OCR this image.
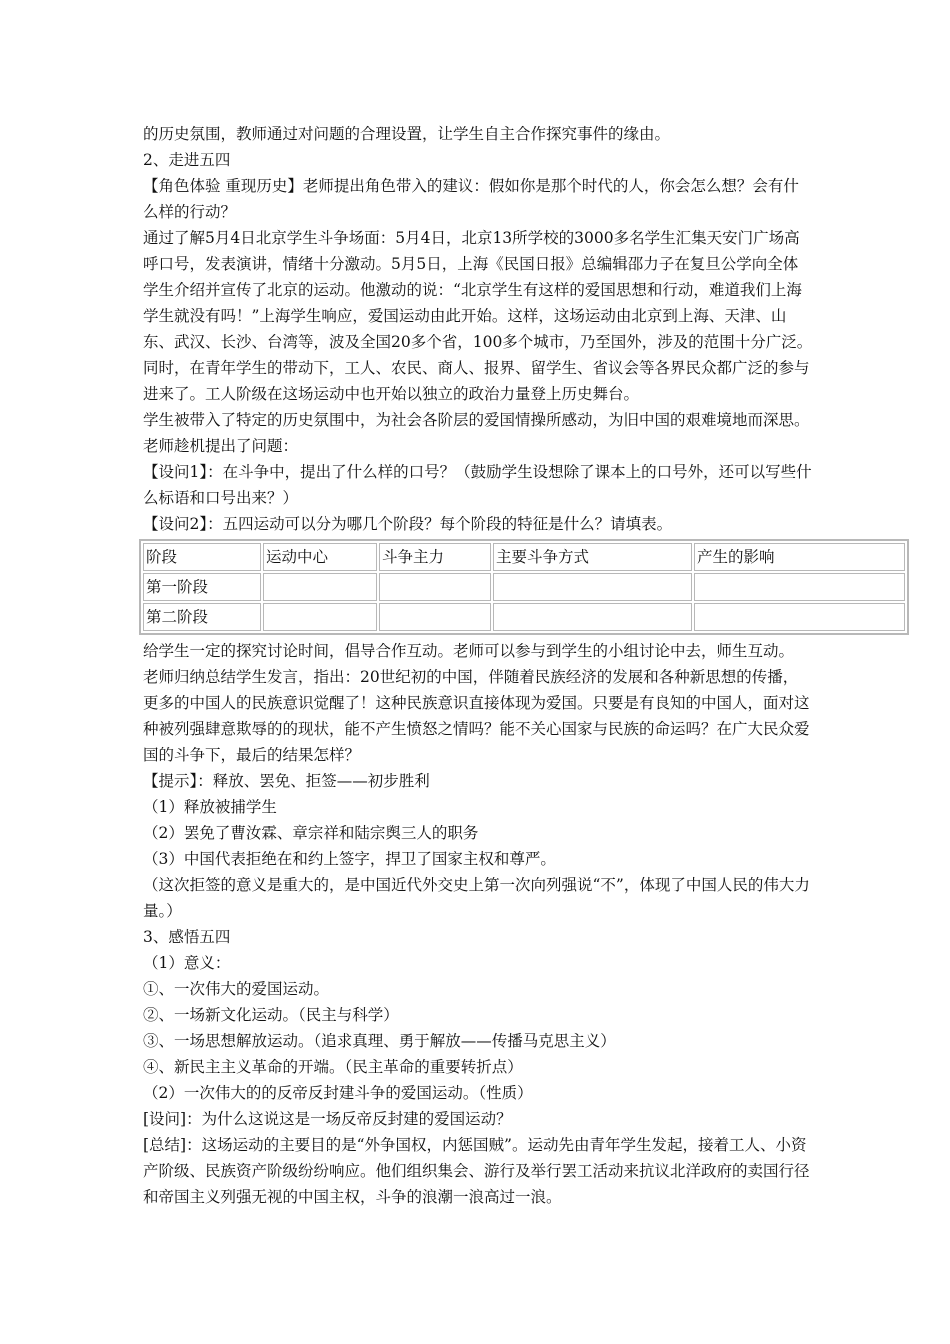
的历史氛围，教师通过对问题的合理设置，让学生自主合作探究事件的缘由。

2、走进五四

【角色体验 重现历史】老师提出角色带入的建议：假如你是那个时代的人，你会怎么想？会有什么样的行动？

通过了解5月4日北京学生斗争场面：5月4日，北京13所学校的3000多名学生汇集天安门广场高呼口号，发表演讲，情绪十分激动。5月5日，上海《民国日报》总编辑邵力子在复旦公学向全体学生介绍并宣传了北京的运动。他激动的说：“北京学生有这样的爱国思想和行动，难道我们上海学生就没有吗！”上海学生响应，爱国运动由此开始。这样，这场运动由北京到上海、天津、山东、武汉、长沙、台湾等，波及全国20多个省，100多个城市，乃至国外，涉及的范围十分广泛。同时，在青年学生的带动下，工人、农民、商人、报界、留学生、省议会等各界民众都广泛的参与进来了。工人阶级在这场运动中也开始以独立的政治力量登上历史舞台。

学生被带入了特定的历史氛围中，为社会各阶层的爱国情操所感动，为旧中国的艰难境地而深思。老师趁机提出了问题：

【设问1】：在斗争中，提出了什么样的口号？（鼓励学生设想除了课本上的口号外，还可以写些什么标语和口号出来？）

【设问2】：五四运动可以分为哪几个阶段？每个阶段的特征是什么？请填表。

阶段	运动中心	斗争主力	主要斗争方式	产生的影响
第一阶段				
第二阶段				

给学生一定的探究讨论时间，倡导合作互动。老师可以参与到学生的小组讨论中去，师生互动。

老师归纳总结学生发言，指出：20世纪初的中国，伴随着民族经济的发展和各种新思想的传播，更多的中国人的民族意识觉醒了！这种民族意识直接体现为爱国。只要是有良知的中国人，面对这种被列强肆意欺辱的的现状，能不产生愤怒之情吗？能不关心国家与民族的命运吗？在广大民众爱国的斗争下，最后的结果怎样？

【提示】：释放、罢免、拒签——初步胜利

（1）释放被捕学生

（2）罢免了曹汝霖、章宗祥和陆宗舆三人的职务

（3）中国代表拒绝在和约上签字，捍卫了国家主权和尊严。

（这次拒签的意义是重大的，是中国近代外交史上第一次向列强说“不”，体现了中国人民的伟大力量。）

3、感悟五四

（1）意义：

①、一次伟大的爱国运动。

②、一场新文化运动。（民主与科学）

③、一场思想解放运动。（追求真理、勇于解放——传播马克思主义）

④、新民主主义革命的开端。（民主革命的重要转折点）

（2）一次伟大的的反帝反封建斗争的爱国运动。（性质）

[设问]：为什么这说这是一场反帝反封建的爱国运动？

[总结]：这场运动的主要目的是“外争国权，内惩国贼”。运动先由青年学生发起，接着工人、小资产阶级、民族资产阶级纷纷响应。他们组织集会、游行及举行罢工活动来抗议北洋政府的卖国行径和帝国主义列强无视的中国主权，斗争的浪潮一浪高过一浪。
